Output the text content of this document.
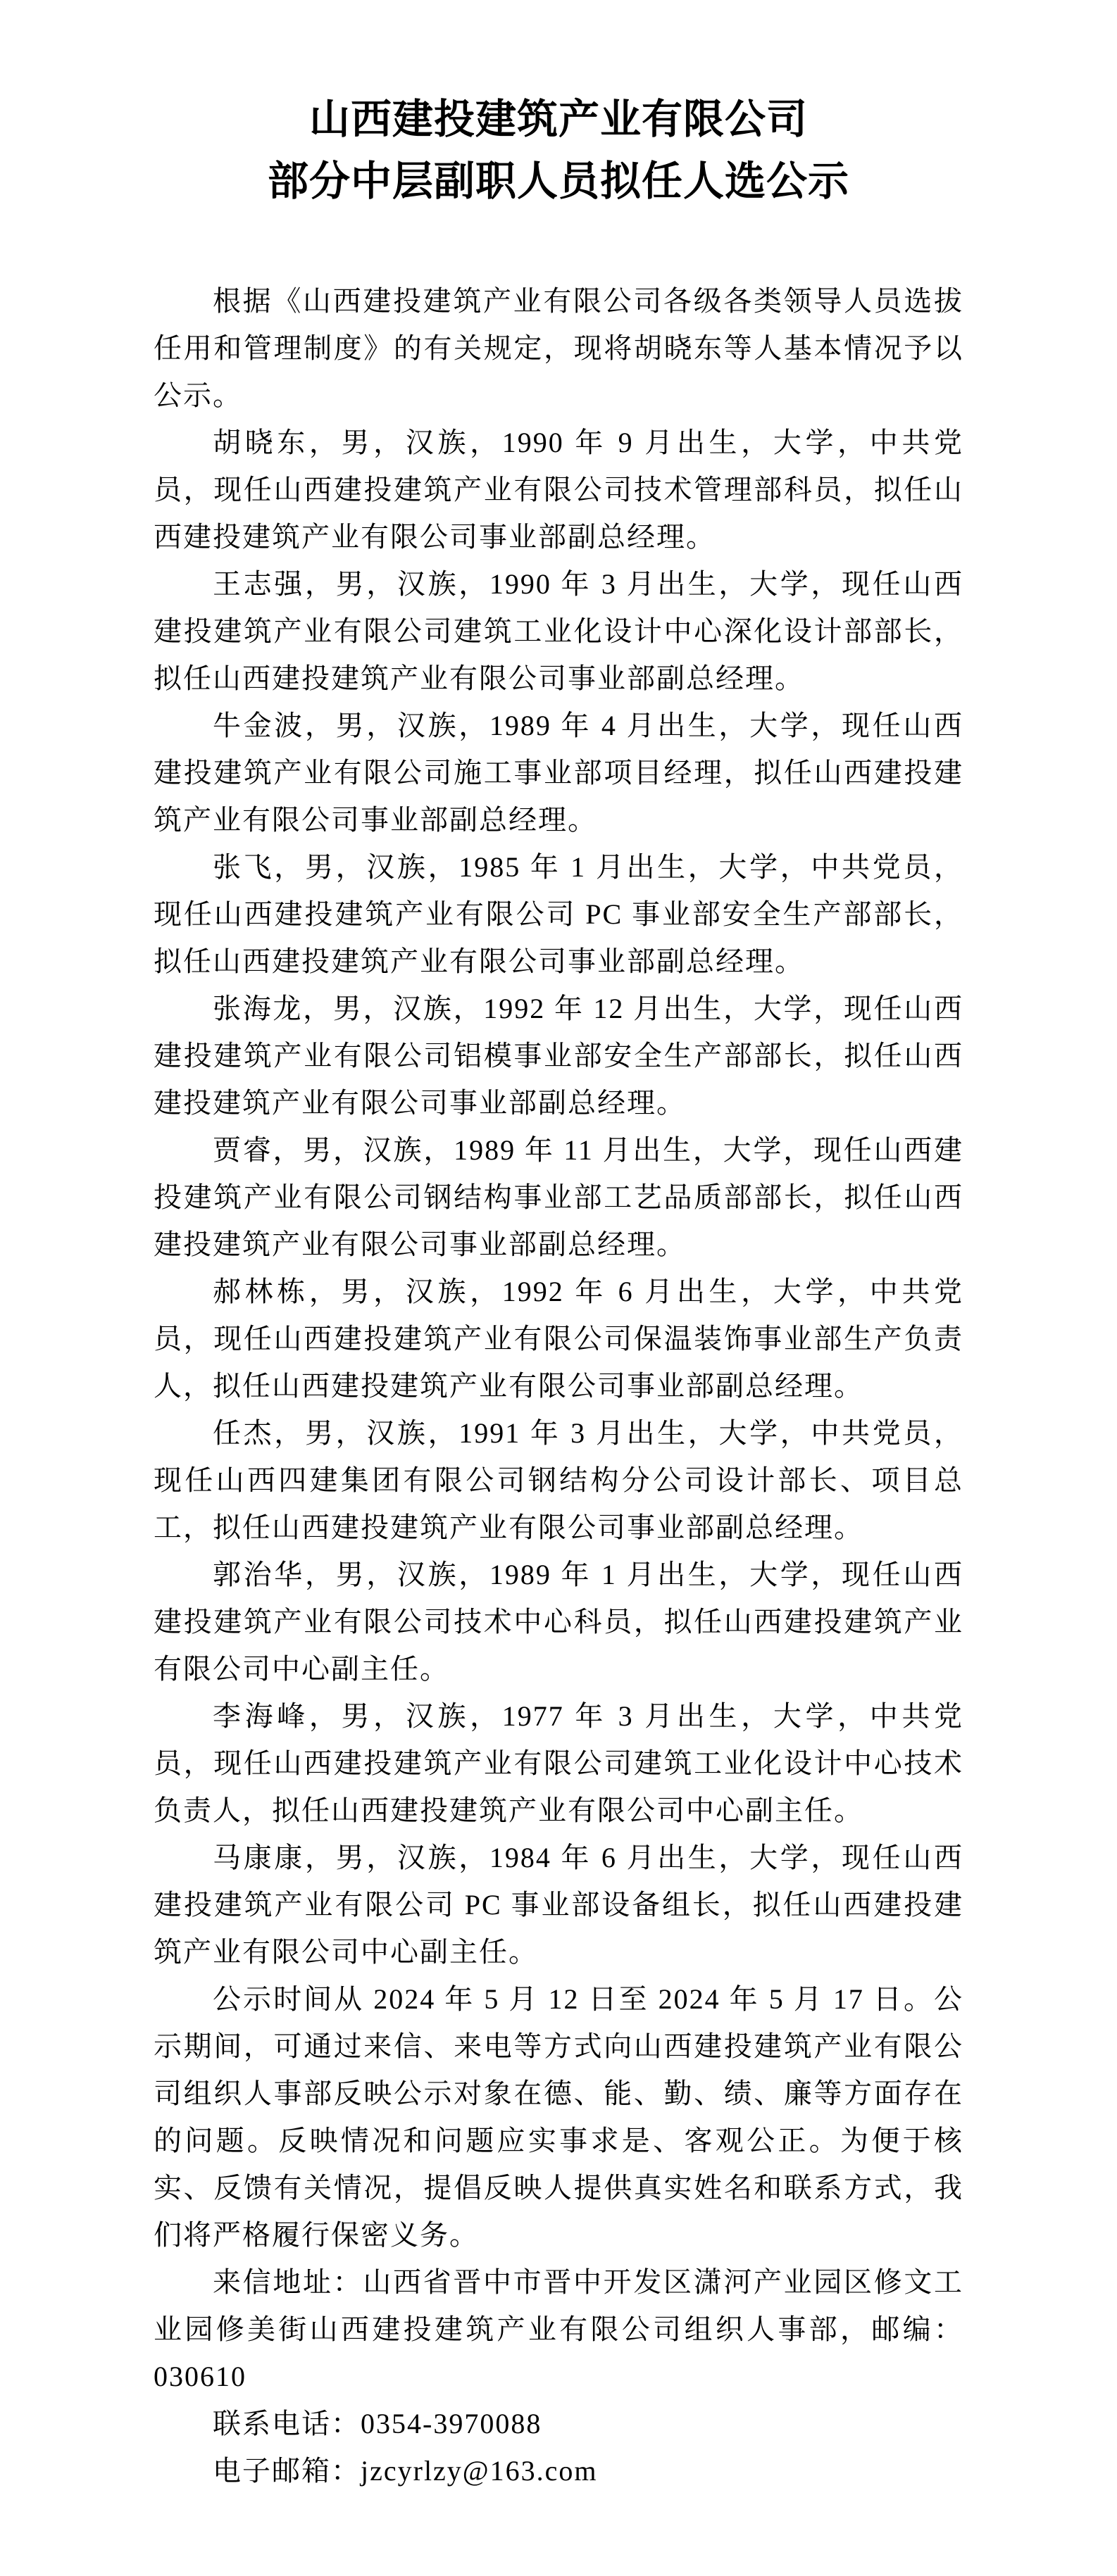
山西建投建筑产业有限公司
部分中层副职人员拟任人选公示

根据《山西建投建筑产业有限公司各级各类领导人员选拔任用和管理制度》的有关规定，现将胡晓东等人基本情况予以公示。

胡晓东，男，汉族，1990 年 9 月出生，大学，中共党员，现任山西建投建筑产业有限公司技术管理部科员，拟任山西建投建筑产业有限公司事业部副总经理。

王志强，男，汉族，1990 年 3 月出生，大学，现任山西建投建筑产业有限公司建筑工业化设计中心深化设计部部长，拟任山西建投建筑产业有限公司事业部副总经理。

牛金波，男，汉族，1989 年 4 月出生，大学，现任山西建投建筑产业有限公司施工事业部项目经理，拟任山西建投建筑产业有限公司事业部副总经理。

张飞，男，汉族，1985 年 1 月出生，大学，中共党员，现任山西建投建筑产业有限公司 PC 事业部安全生产部部长，拟任山西建投建筑产业有限公司事业部副总经理。

张海龙，男，汉族，1992 年 12 月出生，大学，现任山西建投建筑产业有限公司铝模事业部安全生产部部长，拟任山西建投建筑产业有限公司事业部副总经理。

贾睿，男，汉族，1989 年 11 月出生，大学，现任山西建投建筑产业有限公司钢结构事业部工艺品质部部长，拟任山西建投建筑产业有限公司事业部副总经理。

郝林栋，男，汉族，1992 年 6 月出生，大学，中共党员，现任山西建投建筑产业有限公司保温装饰事业部生产负责人，拟任山西建投建筑产业有限公司事业部副总经理。

任杰，男，汉族，1991 年 3 月出生，大学，中共党员，现任山西四建集团有限公司钢结构分公司设计部长、项目总工，拟任山西建投建筑产业有限公司事业部副总经理。

郭治华，男，汉族，1989 年 1 月出生，大学，现任山西建投建筑产业有限公司技术中心科员，拟任山西建投建筑产业有限公司中心副主任。

李海峰，男，汉族，1977 年 3 月出生，大学，中共党员，现任山西建投建筑产业有限公司建筑工业化设计中心技术负责人，拟任山西建投建筑产业有限公司中心副主任。

马康康，男，汉族，1984 年 6 月出生，大学，现任山西建投建筑产业有限公司 PC 事业部设备组长，拟任山西建投建筑产业有限公司中心副主任。

公示时间从 2024 年 5 月 12 日至 2024 年 5 月 17 日。公示期间，可通过来信、来电等方式向山西建投建筑产业有限公司组织人事部反映公示对象在德、能、勤、绩、廉等方面存在的问题。反映情况和问题应实事求是、客观公正。为便于核实、反馈有关情况，提倡反映人提供真实姓名和联系方式，我们将严格履行保密义务。

来信地址：山西省晋中市晋中开发区潇河产业园区修文工业园修美街山西建投建筑产业有限公司组织人事部，邮编：030610

联系电话：0354-3970088

电子邮箱：jzcyrlzy@163.com
